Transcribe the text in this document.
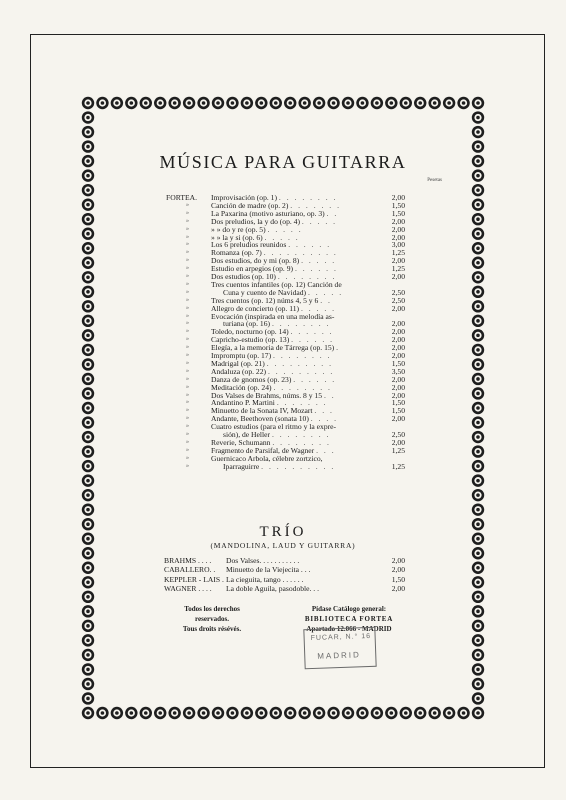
MÚSICA PARA GUITARRA
Pesetas
FORTEA. Improvisación (op. 1) . . . . . . . .	2,00
»	Canción de madre (op. 2) . . . . . . .	1,50
»	La Paxarina (motivo asturiano, op. 3) . .	1,50
»	Dos preludios, la y do (op. 4) . . . . .	2,00
»	» » do y re (op. 5) . . . . .	2,00
»	» » la y si (op. 6) . . . . .	2,00
»	Los 6 preludios reunidos . . . . . .	3,00
»	Romanza (op. 7) . . . . . . . . . .	1,25
»	Dos estudios, do y mi (op. 8) . . . . .	2,00
»	Estudio en arpegios (op. 9) . . . . . .	1,25
»	Dos estudios (op. 10) . . . . . . . .	2,00
»	Tres cuentos infantiles (op. 12) Canción de
»	Cuna y cuento de Navidad) . . . . .	2,50
»	Tres cuentos (op. 12) núms 4, 5 y 6 . .	2,50
»	Allegro de concierto (op. 11) . . . . .	2,00
»	Evocación (inspirada en una melodía as-
»	turiana (op. 16) . . . . . . . .	2,00
»	Toledo, nocturno (op. 14) . . . . . .	2,00
»	Capricho-estudio (op. 13) . . . . . .	2,00
»	Elegía, a la memoria de Tárrega (op. 15) .	2,00
»	Impromptu (op. 17) . . . . . . . .	2,00
»	Madrigal (op. 21) . . . . . . . . .	1,50
»	Andaluza (op. 22) . . . . . . . . .	3,50
»	Danza de gnomos (op. 23) . . . . . .	2,00
»	Meditación (op. 24) . . . . . . . .	2,00
»	Dos Valses de Brahms, núms. 8 y 15 . .	2,00
»	Andantino P. Martini . . . . . . .	1,50
»	Minuetto de la Sonata IV, Mozart . . .	1,50
»	Andante, Beethoven (sonata 10) . . . .	2,00
»	Cuatro estudios (para el ritmo y la expre-
»	sión), de Heller . . . . . . . .	2,50
»	Reverie, Schumann . . . . . . . .	2,00
»	Fragmento de Parsifal, de Wagner . . .	1,25
»	Guernicaco Arbola, célebre zortzico,
»	Iparraguirre . . . . . . . . . .	1,25
TRÍO
(MANDOLINA, LAUD Y GUITARRA)
BRAHMS . . . . Dos Valses. . . . . . . . . . .	2,00
CABALLERO. . Minuetto de la Viejecita . . .	2,00
KEPPLER - LAIS . La cieguita, tango . . . . . .	1,50
WAGNER . . . . La doble Aguila, pasodoble. . .	2,00
Todos los derechos
reservados.
Tous droits résévés.
Pídase Catálogo general:
BIBLIOTECA FORTEA
Apartado 12.066 - MADRID
FUCAR, N.° 16
MADRID
